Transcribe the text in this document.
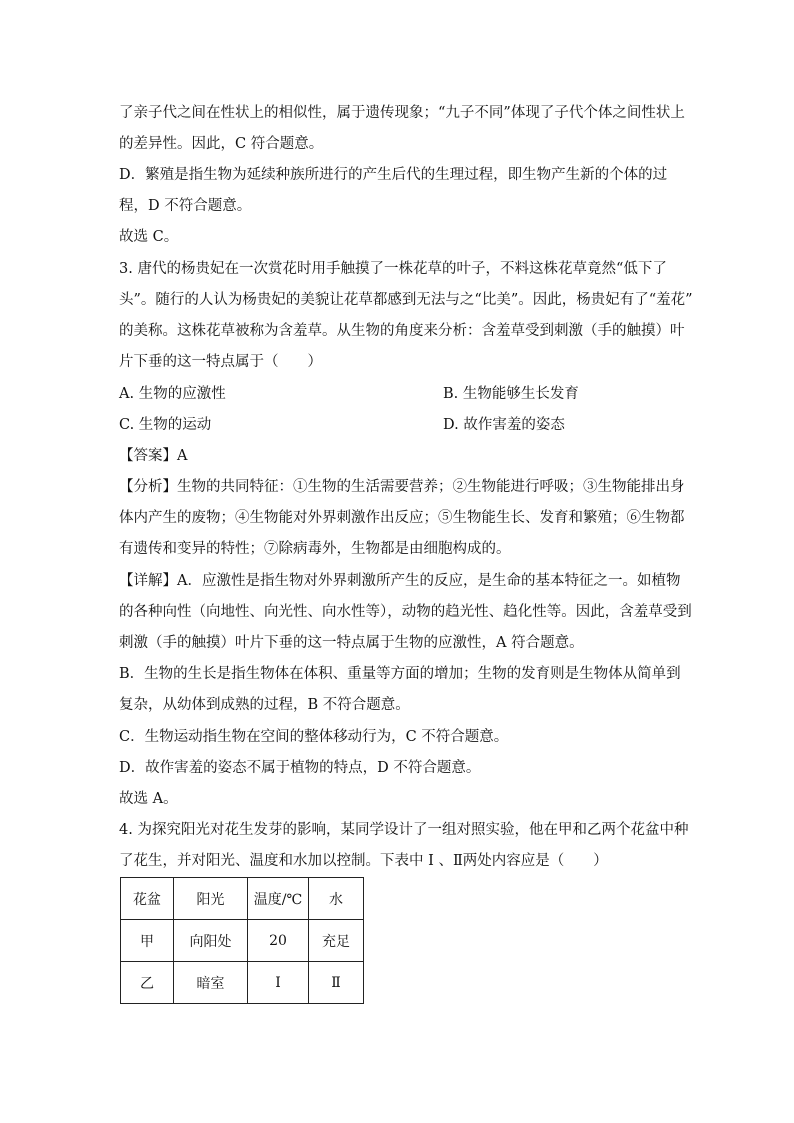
了亲子代之间在性状上的相似性，属于遗传现象；“九子不同”体现了子代个体之间性状上
的差异性。因此，C 符合题意。
D．繁殖是指生物为延续种族所进行的产生后代的生理过程，即生物产生新的个体的过
程，D 不符合题意。
故选 C。
3. 唐代的杨贵妃在一次赏花时用手触摸了一株花草的叶子，不料这株花草竟然“低下了
头”。随行的人认为杨贵妃的美貌让花草都感到无法与之“比美”。因此，杨贵妃有了“羞花”
的美称。这株花草被称为含羞草。从生物的角度来分析：含羞草受到刺激（手的触摸）叶
片下垂的这一特点属于（　　）
A. 生物的应激性	B. 生物能够生长发育
C. 生物的运动	D. 故作害羞的姿态
【答案】A
【分析】生物的共同特征：①生物的生活需要营养；②生物能进行呼吸；③生物能排出身
体内产生的废物；④生物能对外界刺激作出反应；⑤生物能生长、发育和繁殖；⑥生物都
有遗传和变异的特性；⑦除病毒外，生物都是由细胞构成的。
【详解】A．应激性是指生物对外界刺激所产生的反应，是生命的基本特征之一。如植物
的各种向性（向地性、向光性、向水性等），动物的趋光性、趋化性等。因此，含羞草受到
刺激（手的触摸）叶片下垂的这一特点属于生物的应激性，A 符合题意。
B．生物的生长是指生物体在体积、重量等方面的增加；生物的发育则是生物体从简单到
复杂，从幼体到成熟的过程，B 不符合题意。
C．生物运动指生物在空间的整体移动行为，C 不符合题意。
D．故作害羞的姿态不属于植物的特点，D 不符合题意。
故选 A。
4. 为探究阳光对花生发芽的影响，某同学设计了一组对照实验，他在甲和乙两个花盆中种
了花生，并对阳光、温度和水加以控制。下表中 Ⅰ 、Ⅱ两处内容应是（　　）
花盆	阳光	温度/℃	水
甲	向阳处	20	充足
乙	暗室	Ⅰ	Ⅱ
